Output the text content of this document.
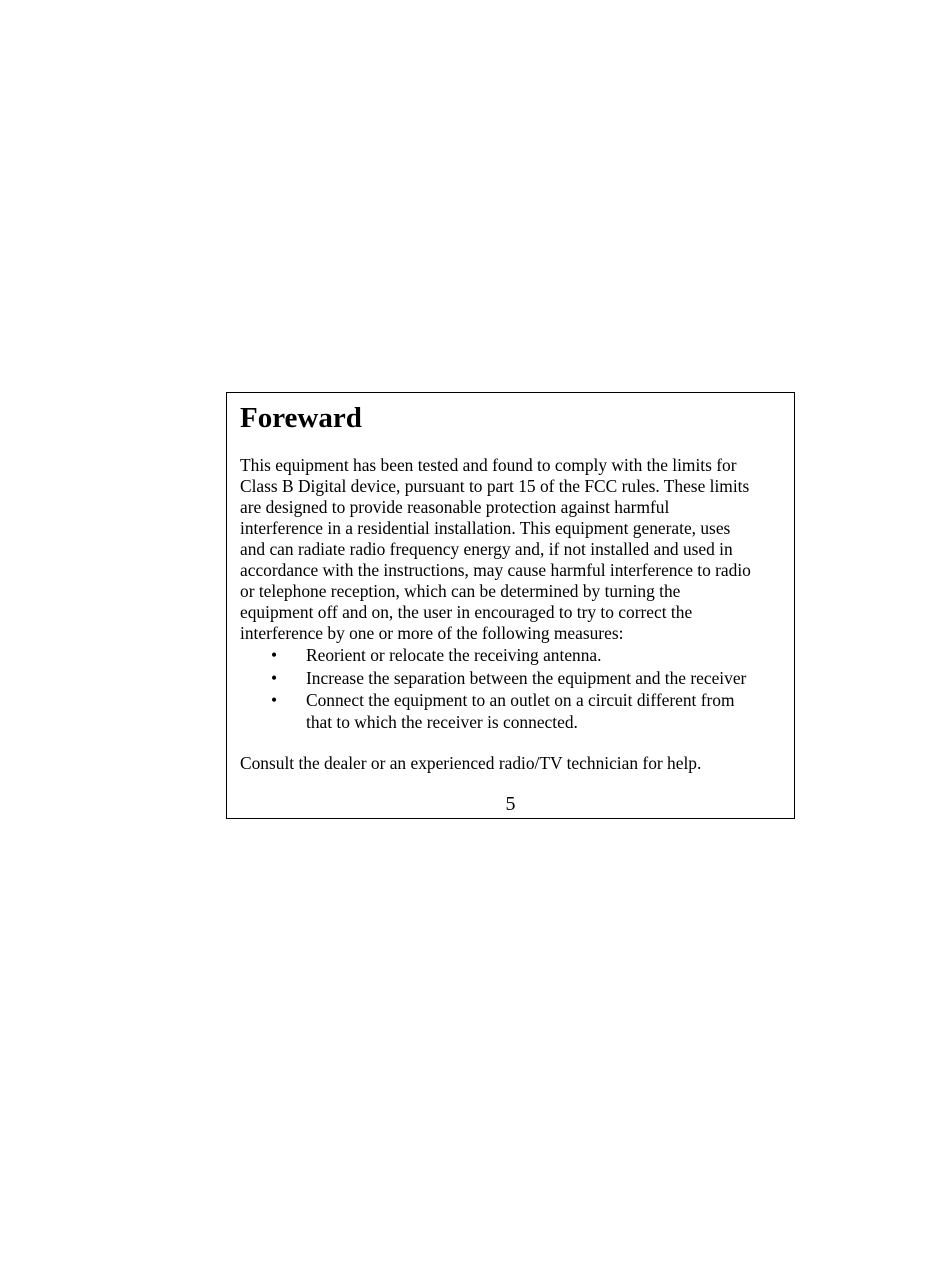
Foreward

This equipment has been tested and found to comply with the limits for
Class B Digital device, pursuant to part 15 of the FCC rules. These limits
are designed to provide reasonable protection against harmful
interference in a residential installation. This equipment generate, uses
and can radiate radio frequency energy and, if not installed and used in
accordance with the instructions, may cause harmful interference to radio
or telephone reception, which can be determined by turning the
equipment off and on, the user in encouraged to try to correct the
interference by one or more of the following measures:

• Reorient or relocate the receiving antenna.
• Increase the separation between the equipment and the receiver
• Connect the equipment to an outlet on a circuit different from
that to which the receiver is connected.

Consult the dealer or an experienced radio/TV technician for help.

5
